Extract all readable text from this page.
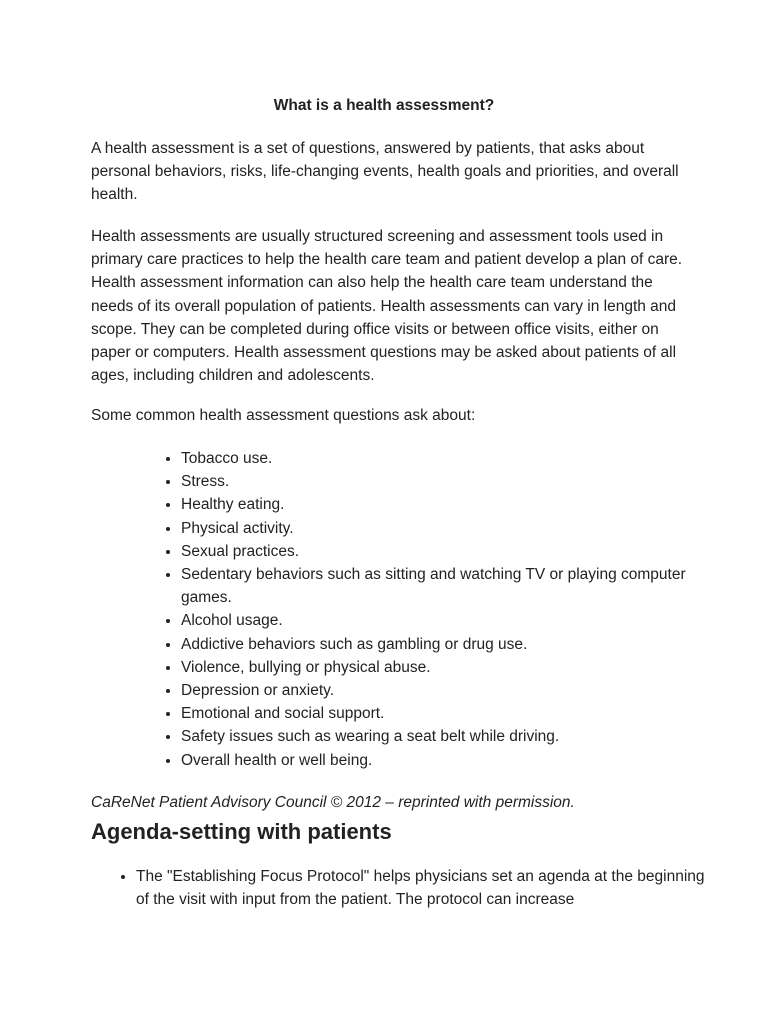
What is a health assessment?

A health assessment is a set of questions, answered by patients, that asks about personal behaviors, risks, life-changing events, health goals and priorities, and overall health.

Health assessments are usually structured screening and assessment tools used in primary care practices to help the health care team and patient develop a plan of care. Health assessment information can also help the health care team understand the needs of its overall population of patients. Health assessments can vary in length and scope. They can be completed during office visits or between office visits, either on paper or computers. Health assessment questions may be asked about patients of all ages, including children and adolescents.

Some common health assessment questions ask about:

• Tobacco use.
• Stress.
• Healthy eating.
• Physical activity.
• Sexual practices.
• Sedentary behaviors such as sitting and watching TV or playing computer games.
• Alcohol usage.
• Addictive behaviors such as gambling or drug use.
• Violence, bullying or physical abuse.
• Depression or anxiety.
• Emotional and social support.
• Safety issues such as wearing a seat belt while driving.
• Overall health or well being.

CaReNet Patient Advisory Council © 2012 – reprinted with permission.

Agenda-setting with patients
• The "Establishing Focus Protocol" helps physicians set an agenda at the beginning of the visit with input from the patient. The protocol can increase
